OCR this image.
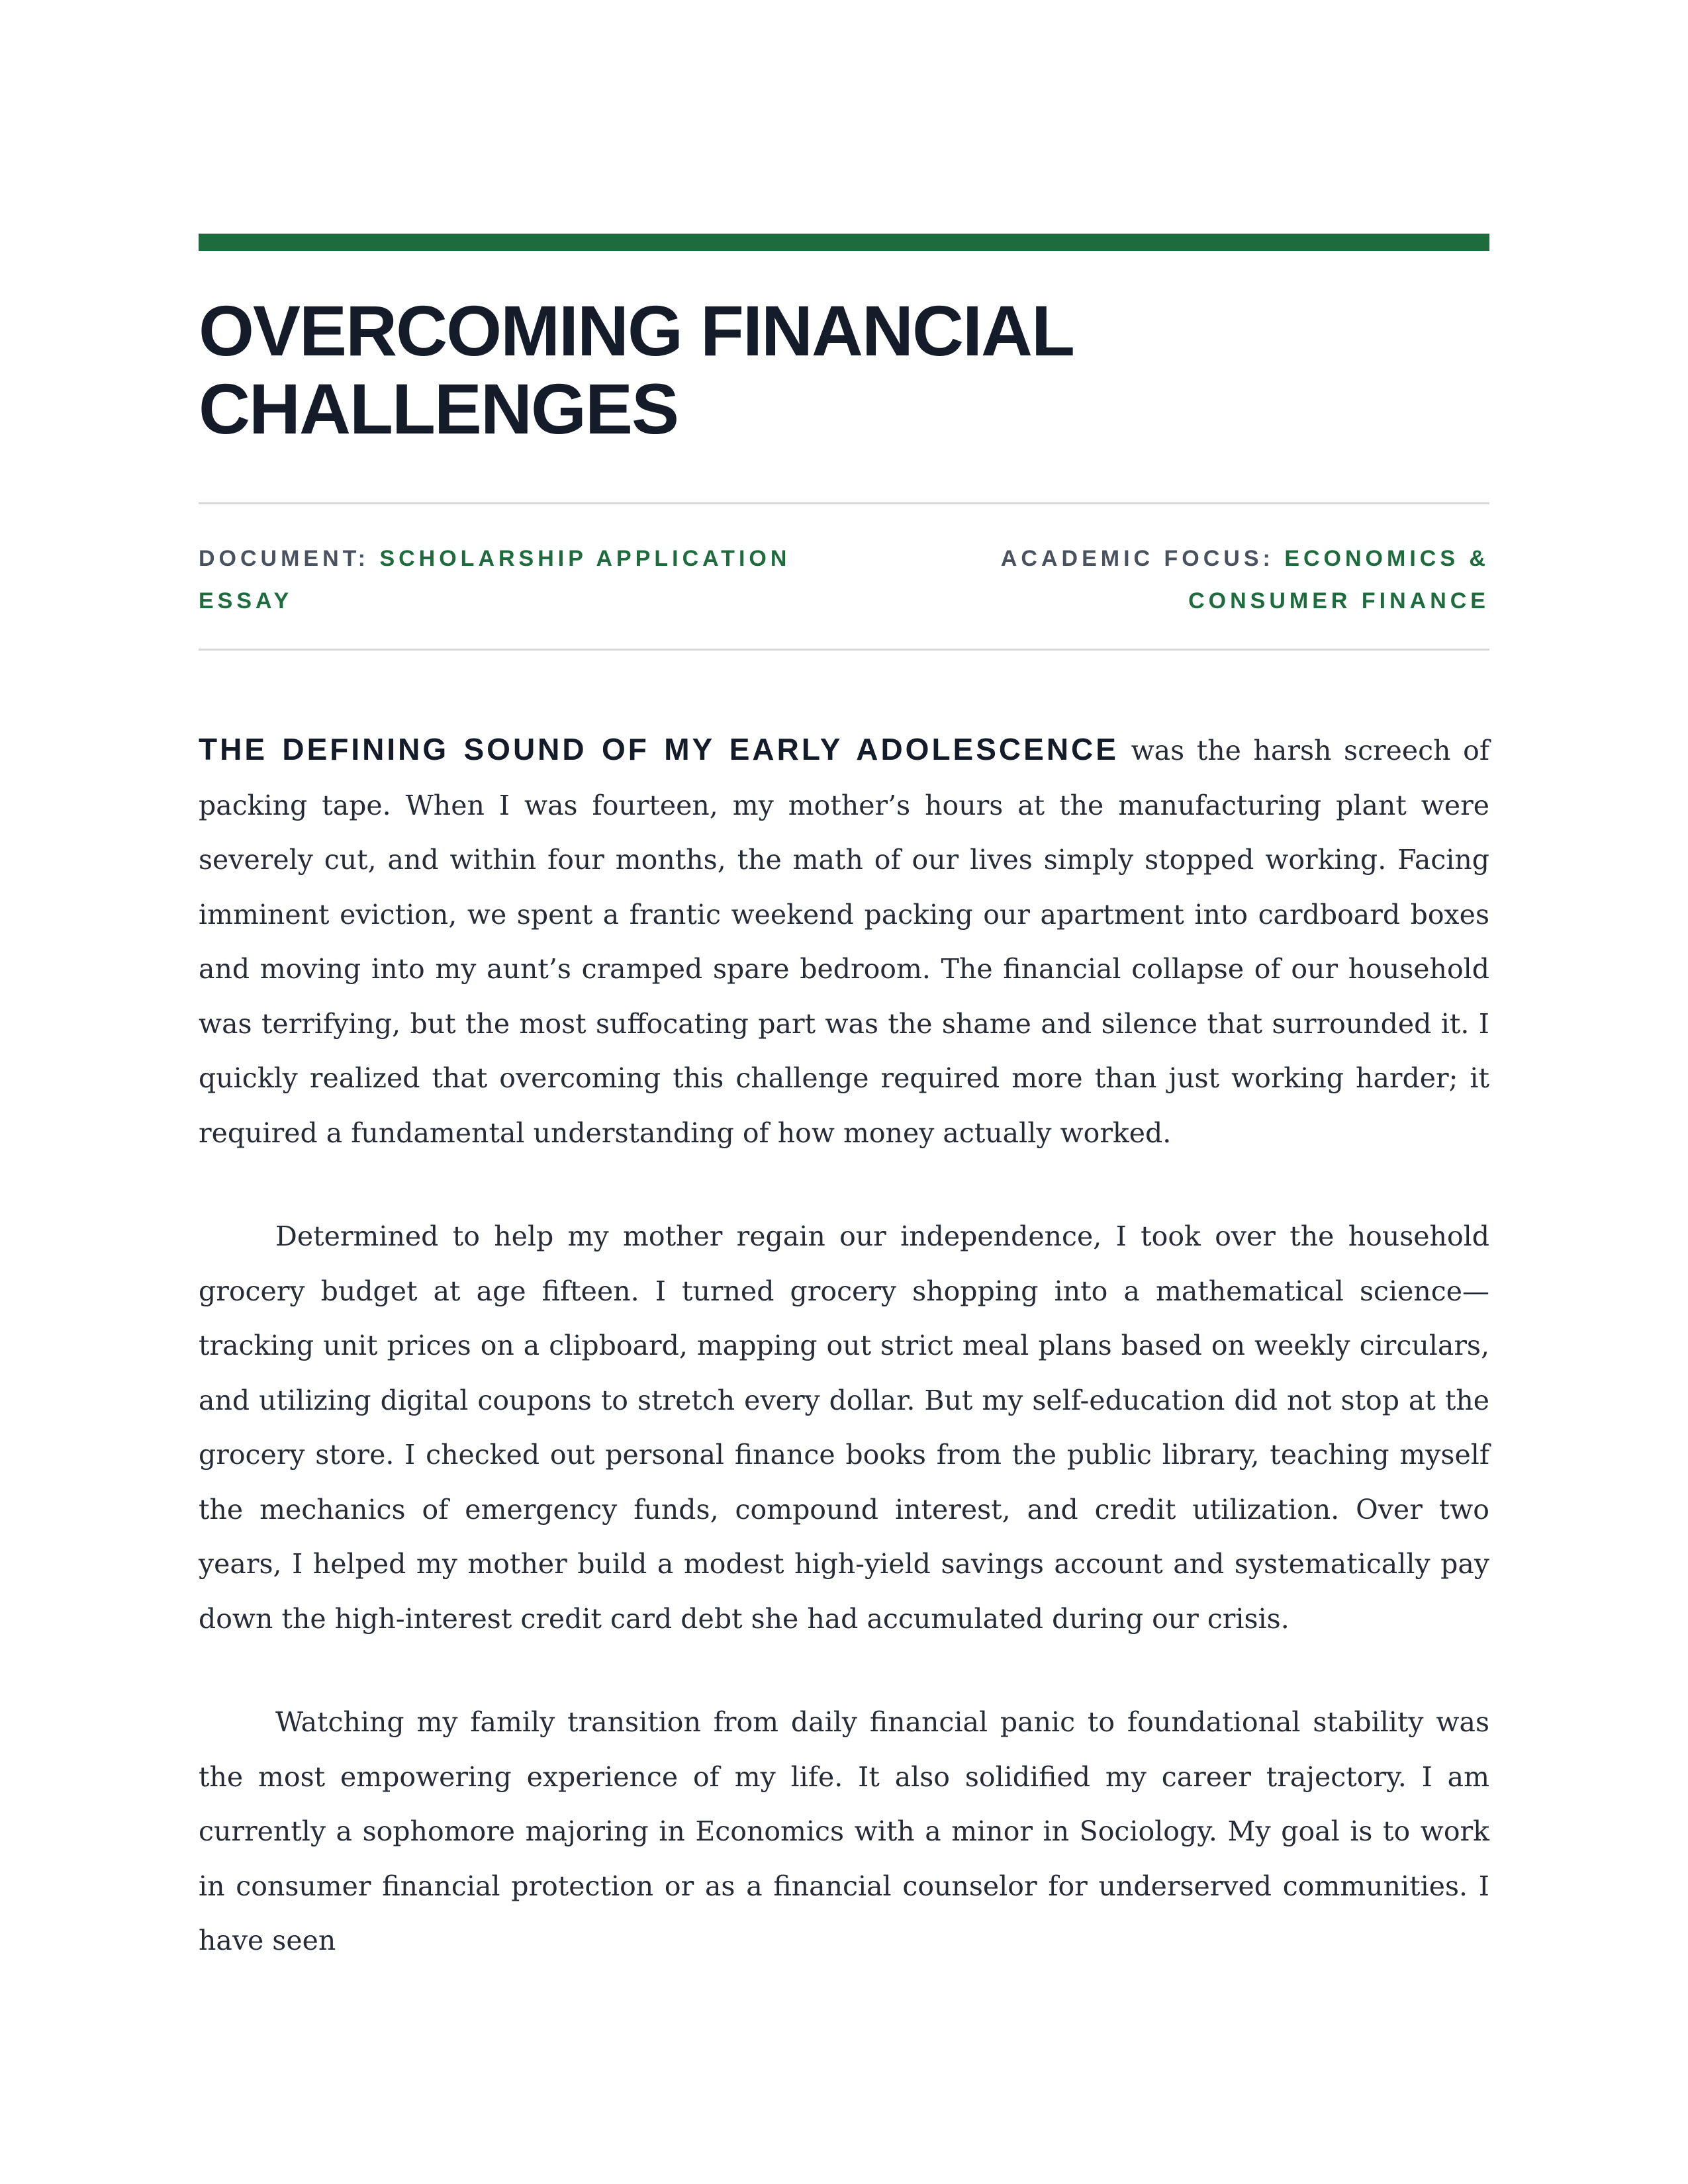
OVERCOMING FINANCIAL
CHALLENGES
DOCUMENT: SCHOLARSHIP APPLICATION ESSAY
ACADEMIC FOCUS: ECONOMICS & CONSUMER FINANCE

THE DEFINING SOUND OF MY EARLY ADOLESCENCE was the harsh screech of packing tape. When I was fourteen, my mother’s hours at the manufacturing plant were severely cut, and within four months, the math of our lives simply stopped working. Facing imminent eviction, we spent a frantic weekend packing our apartment into cardboard boxes and moving into my aunt’s cramped spare bedroom. The financial collapse of our household was terrifying, but the most suffocating part was the shame and silence that surrounded it. I quickly realized that overcoming this challenge required more than just working harder; it required a fundamental understanding of how money actually worked.

Determined to help my mother regain our independence, I took over the household grocery budget at age fifteen. I turned grocery shopping into a mathematical science—tracking unit prices on a clipboard, mapping out strict meal plans based on weekly circulars, and utilizing digital coupons to stretch every dollar. But my self-education did not stop at the grocery store. I checked out personal finance books from the public library, teaching myself the mechanics of emergency funds, compound interest, and credit utilization. Over two years, I helped my mother build a modest high-yield savings account and systematically pay down the high-interest credit card debt she had accumulated during our crisis.

Watching my family transition from daily financial panic to foundational stability was the most empowering experience of my life. It also solidified my career trajectory. I am currently a sophomore majoring in Economics with a minor in Sociology. My goal is to work in consumer financial protection or as a financial counselor for underserved communities. I have seen
